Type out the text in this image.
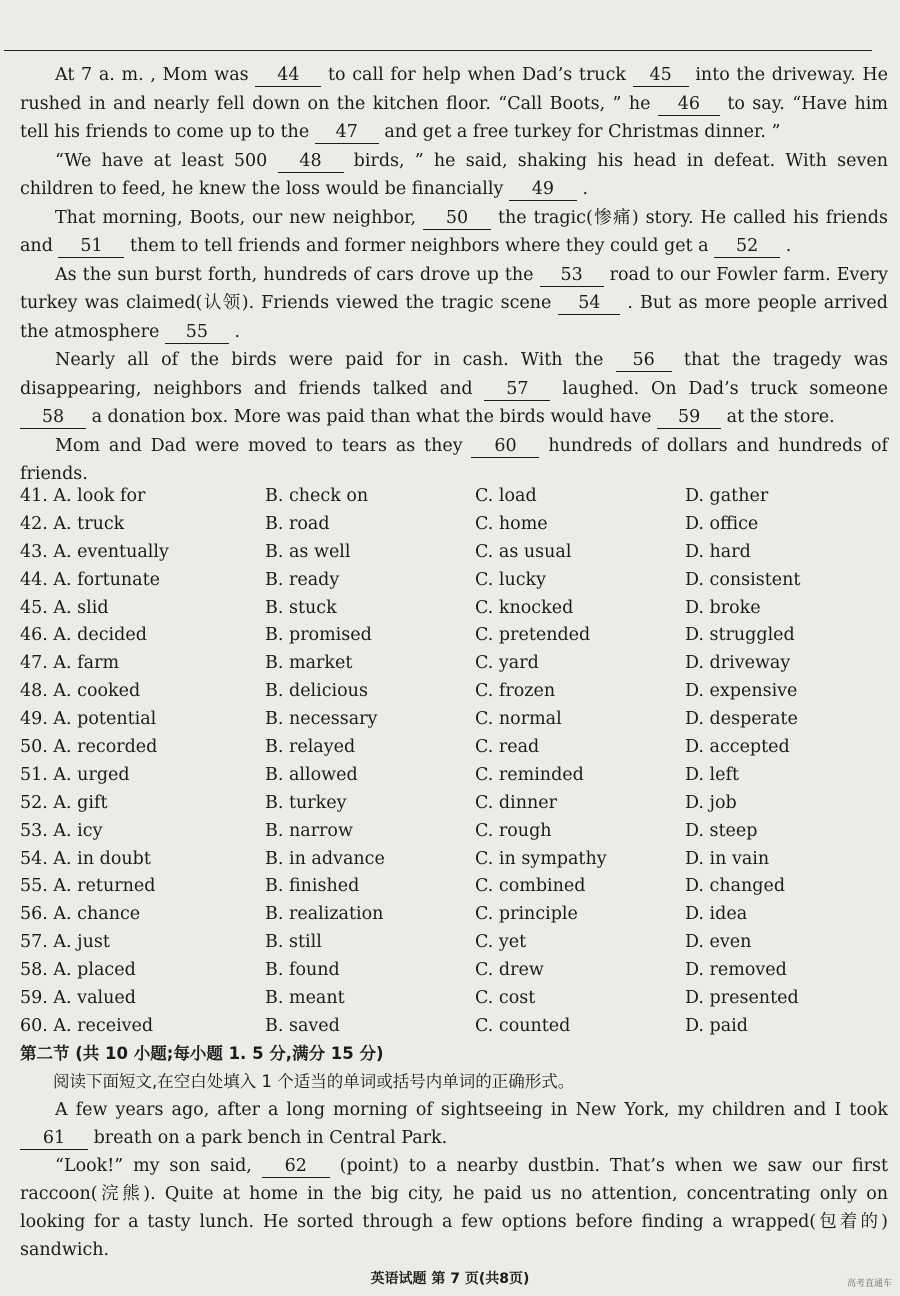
At 7 a. m. , Mom was 44 to call for help when Dad’s truck 45 into the driveway. He rushed in and nearly fell down on the kitchen floor. “Call Boots, ” he 46 to say. “Have him tell his friends to come up to the 47 and get a free turkey for Christmas dinner. ”

“We have at least 500 48 birds, ” he said, shaking his head in defeat. With seven children to feed, he knew the loss would be financially 49 .

That morning, Boots, our new neighbor, 50 the tragic(惨痛) story. He called his friends and 51 them to tell friends and former neighbors where they could get a 52 .

As the sun burst forth, hundreds of cars drove up the 53 road to our Fowler farm. Every turkey was claimed(认领). Friends viewed the tragic scene 54 . But as more people arrived the atmosphere 55 .

Nearly all of the birds were paid for in cash. With the 56 that the tragedy was disappearing, neighbors and friends talked and 57 laughed. On Dad’s truck someone 58 a donation box. More was paid than what the birds would have 59 at the store.

Mom and Dad were moved to tears as they 60 hundreds of dollars and hundreds of friends.

41. A. look for	B. check on	C. load	D. gather
42. A. truck	B. road	C. home	D. office
43. A. eventually	B. as well	C. as usual	D. hard
44. A. fortunate	B. ready	C. lucky	D. consistent
45. A. slid	B. stuck	C. knocked	D. broke
46. A. decided	B. promised	C. pretended	D. struggled
47. A. farm	B. market	C. yard	D. driveway
48. A. cooked	B. delicious	C. frozen	D. expensive
49. A. potential	B. necessary	C. normal	D. desperate
50. A. recorded	B. relayed	C. read	D. accepted
51. A. urged	B. allowed	C. reminded	D. left
52. A. gift	B. turkey	C. dinner	D. job
53. A. icy	B. narrow	C. rough	D. steep
54. A. in doubt	B. in advance	C. in sympathy	D. in vain
55. A. returned	B. finished	C. combined	D. changed
56. A. chance	B. realization	C. principle	D. idea
57. A. just	B. still	C. yet	D. even
58. A. placed	B. found	C. drew	D. removed
59. A. valued	B. meant	C. cost	D. presented
60. A. received	B. saved	C. counted	D. paid

第二节 (共 10 小题;每小题 1. 5 分,满分 15 分)

阅读下面短文,在空白处填入 1 个适当的单词或括号内单词的正确形式。

A few years ago, after a long morning of sightseeing in New York, my children and I took 61 breath on a park bench in Central Park.

“Look!” my son said, 62 (point) to a nearby dustbin. That’s when we saw our first raccoon(浣熊). Quite at home in the big city, he paid us no attention, concentrating only on looking for a tasty lunch. He sorted through a few options before finding a wrapped(包着的) sandwich.

英语试题 第 7 页(共8页)	高考直通车
